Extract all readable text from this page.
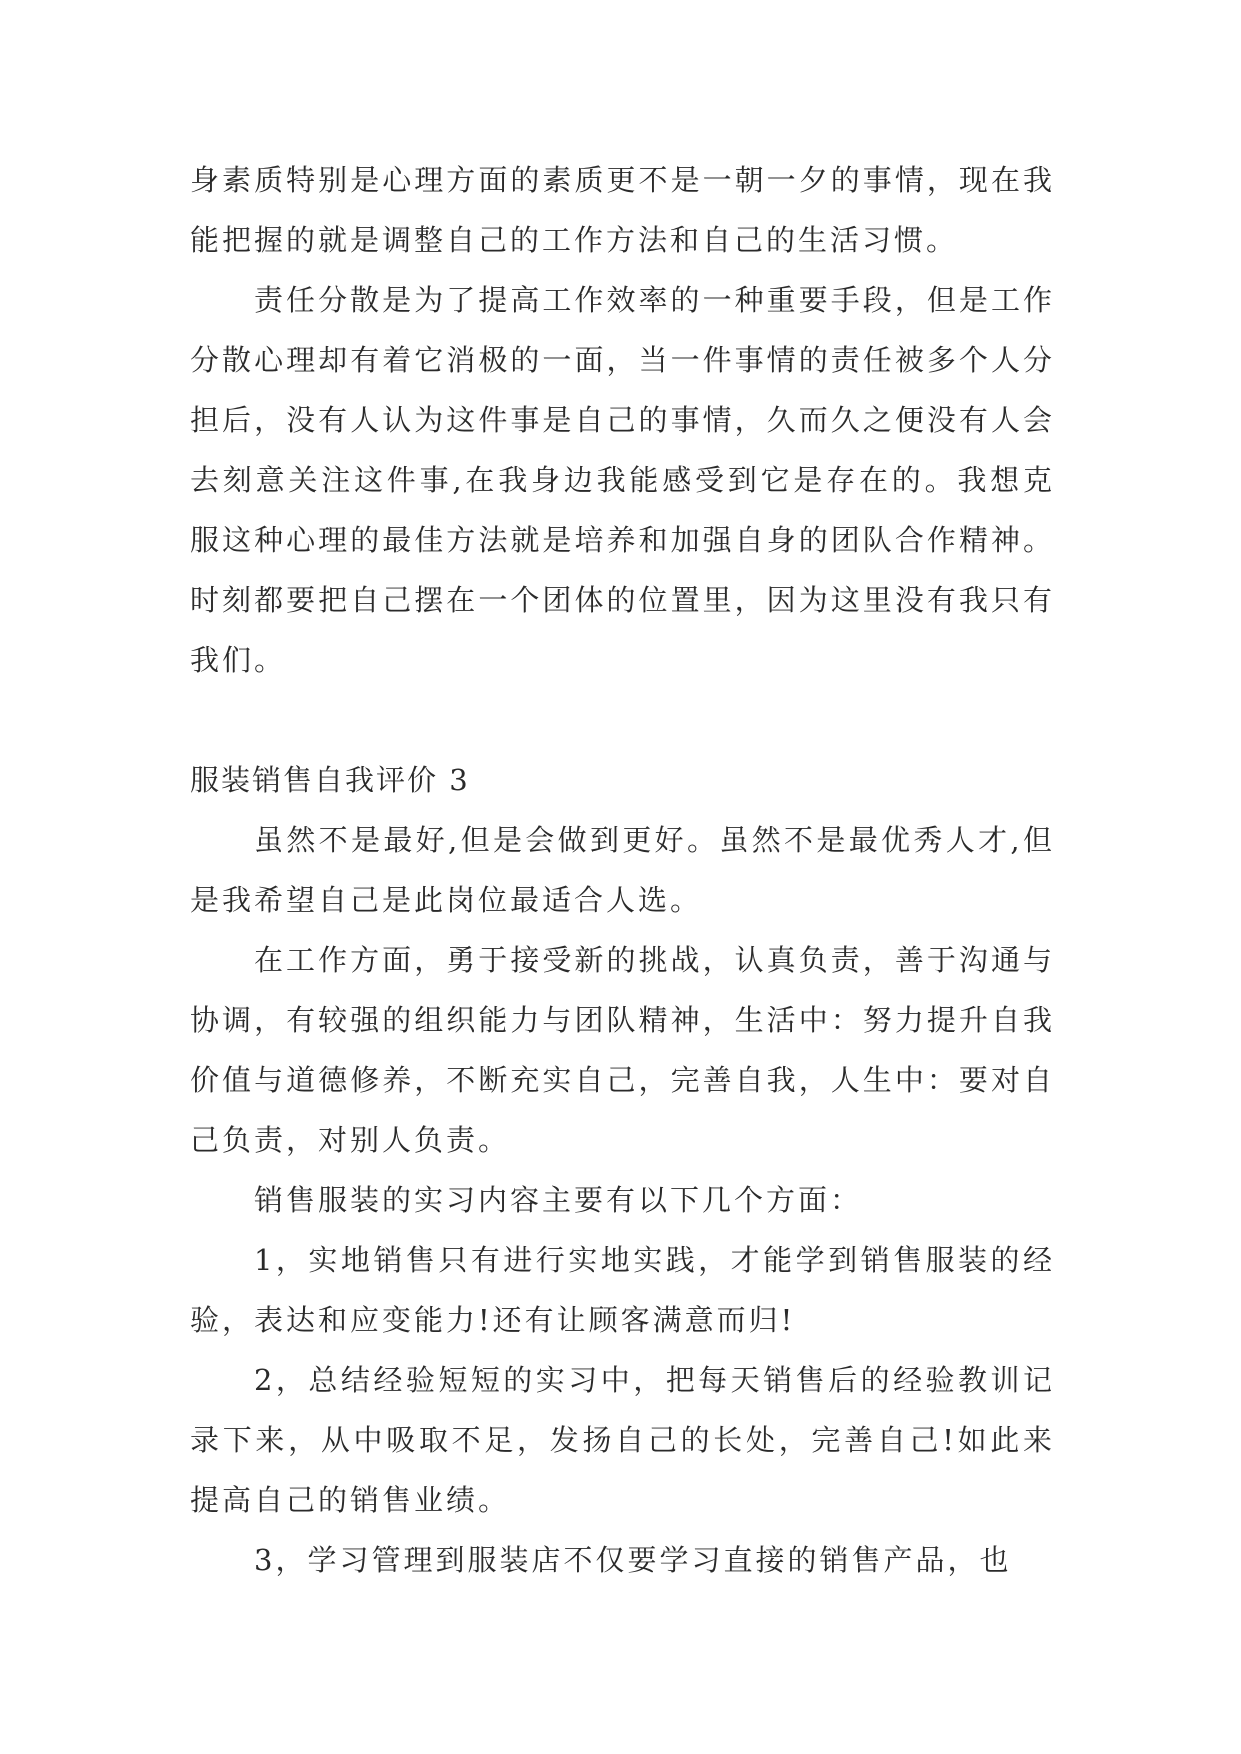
身素质特别是心理方面的素质更不是一朝一夕的事情，现在我能把握的就是调整自己的工作方法和自己的生活习惯。

责任分散是为了提高工作效率的一种重要手段，但是工作分散心理却有着它消极的一面，当一件事情的责任被多个人分担后，没有人认为这件事是自己的事情，久而久之便没有人会去刻意关注这件事,在我身边我能感受到它是存在的。我想克服这种心理的最佳方法就是培养和加强自身的团队合作精神。时刻都要把自己摆在一个团体的位置里，因为这里没有我只有我们。

服装销售自我评价 3

虽然不是最好,但是会做到更好。虽然不是最优秀人才,但是我希望自己是此岗位最适合人选。

在工作方面，勇于接受新的挑战，认真负责，善于沟通与协调，有较强的组织能力与团队精神，生活中：努力提升自我价值与道德修养，不断充实自己，完善自我，人生中：要对自己负责，对别人负责。

销售服装的实习内容主要有以下几个方面：

1，实地销售只有进行实地实践，才能学到销售服装的经验，表达和应变能力!还有让顾客满意而归!

2，总结经验短短的实习中，把每天销售后的经验教训记录下来，从中吸取不足，发扬自己的长处，完善自己!如此来提高自己的销售业绩。

3，学习管理到服装店不仅要学习直接的销售产品，也
